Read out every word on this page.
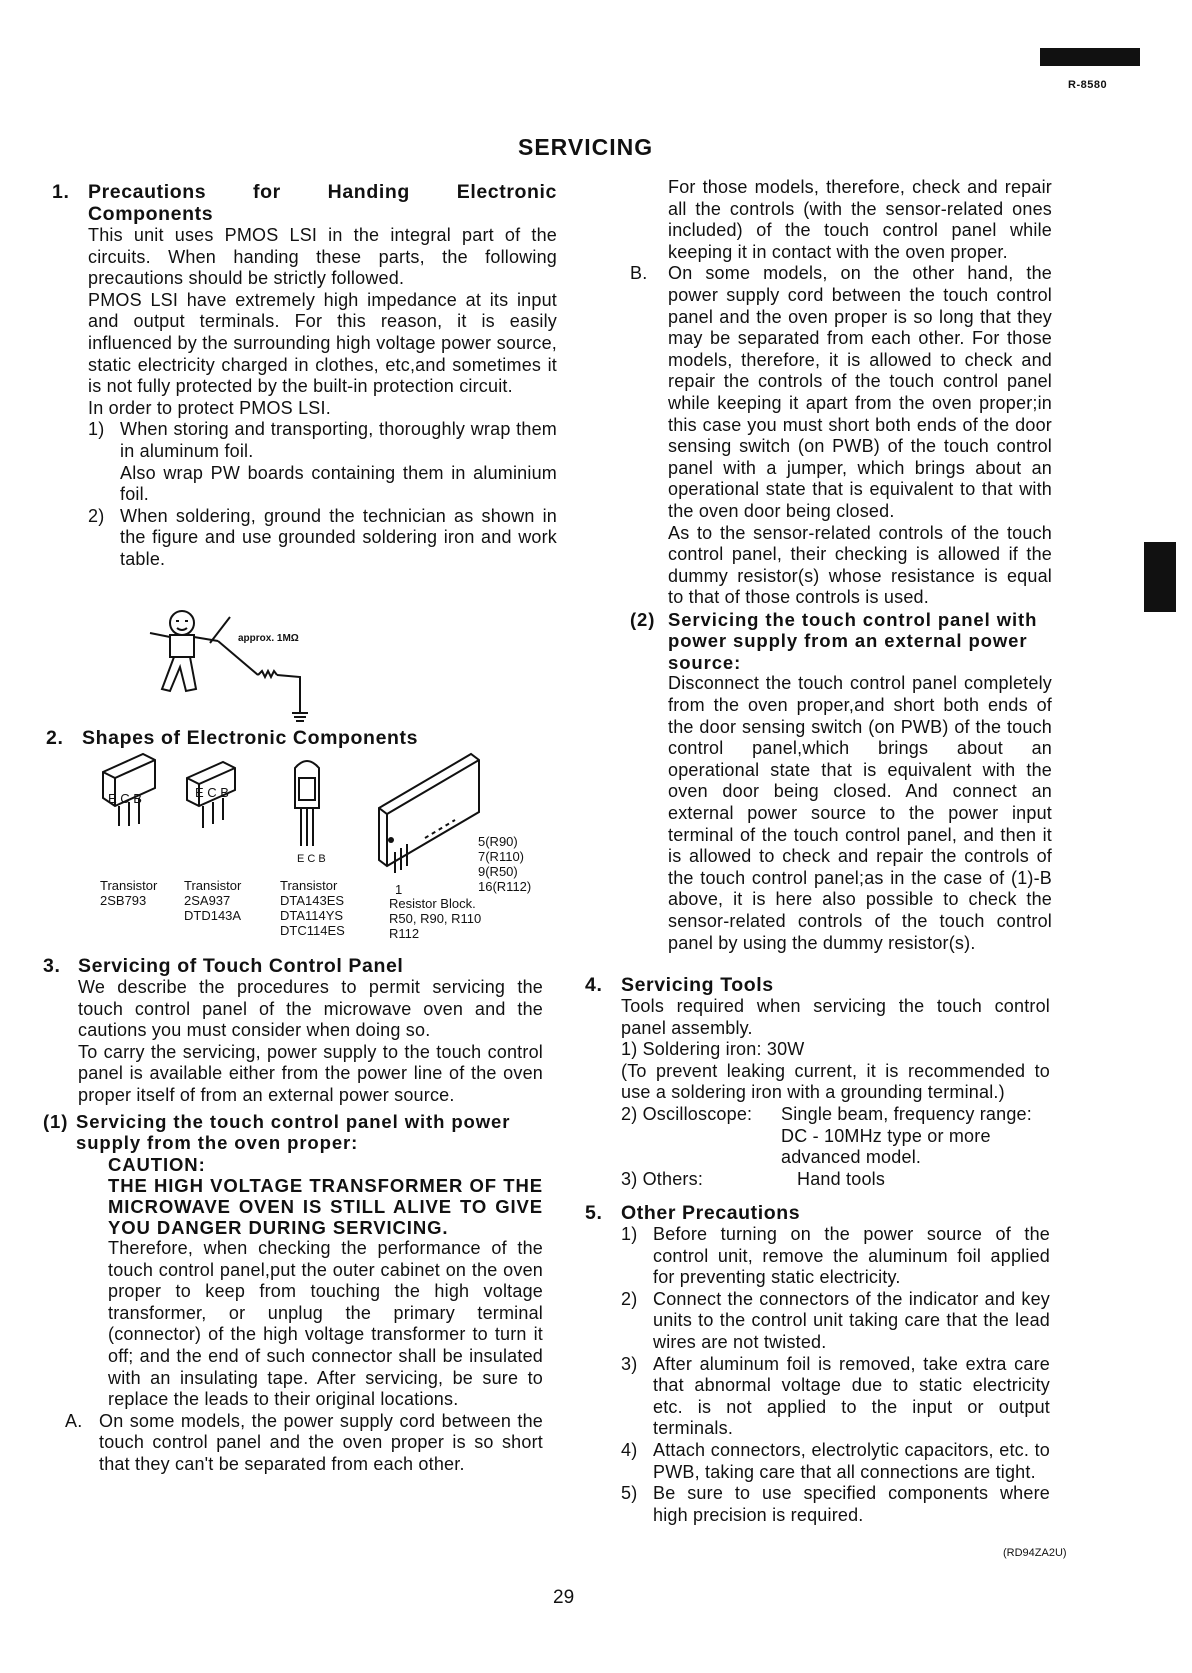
R-8580
SERVICING
1. Precautions for Handing Electronic Components

This unit uses PMOS LSI in the integral part of the circuits. When handing these parts, the following precautions should be strictly followed.

PMOS LSI have extremely high impedance at its input and output terminals. For this reason, it is easily influenced by the surrounding high voltage power source, static electricity charged in clothes, etc,and sometimes it is not fully protected by the built-in protection circuit.

In order to protect PMOS LSI.

1) When storing and transporting, thoroughly wrap them in aluminum foil.

Also wrap PW boards containing them in aluminium foil.

2) When soldering, ground the technician as shown in the figure and use grounded soldering iron and work table.

approx. 1MΩ
2. Shapes of Electronic Components
E C B	E C B
E C B

Transistor

2SB793

Transistor

2SA937
DTD143A

Transistor

DTA143ES
DTA114YS
DTC114ES

5(R90)

7(R110)

9(R50)

16(R112)

1

Resistor Block.

R50, R90, R110
R112

3. Servicing of Touch Control Panel

We describe the procedures to permit servicing the touch control panel of the microwave oven and the cautions you must consider when doing so.

To carry the servicing, power supply to the touch control panel is available either from the power line of the oven proper itself of from an external power source.

(1) Servicing the touch control panel with power supply from the oven proper:
CAUTION:
THE HIGH VOLTAGE TRANSFORMER OF THE MICROWAVE OVEN IS STILL ALIVE TO GIVE YOU DANGER DURING SERVICING.

Therefore, when checking the performance of the touch control panel,put the outer cabinet on the oven proper to keep from touching the high voltage transformer, or unplug the primary terminal (connector) of the high voltage transformer to turn it off; and the end of such connector shall be insulated with an insulating tape. After servicing, be sure to replace the leads to their original locations.

A. On some models, the power supply cord between the touch control panel and the oven proper is so short that they can't be separated from each other.

For those models, therefore, check and repair all the controls (with the sensor-related ones included) of the touch control panel while keeping it in contact with the oven proper.

B.	On some models, on the other hand, the power supply cord between the touch control panel and the oven proper is so long that they may be separated from each other. For those models, therefore, it is allowed to check and repair the controls of the touch control panel while keeping it apart from the oven proper;in this case you must short both ends of the door sensing switch (on PWB) of the touch control panel with a jumper, which brings about an operational state that is equivalent to that with the oven door being closed.

As to the sensor-related controls of the touch control panel, their checking is allowed if the dummy resistor(s) whose resistance is equal to that of those controls is used.

(2) Servicing the touch control panel with power supply from an external power source:

Disconnect the touch control panel completely from the oven proper,and short both ends of the door sensing switch (on PWB) of the touch control panel,which brings about an operational state that is equivalent with the oven door being closed. And connect an external power source to the power input terminal of the touch control panel, and then it is allowed to check and repair the controls of the touch control panel;as in the case of (1)-B above, it is here also possible to check the sensor-related controls of the touch control panel by using the dummy resistor(s).

4. Servicing Tools

Tools required when servicing the touch control panel assembly.

1) Soldering iron: 30W

(To prevent leaking current, it is recommended to use a soldering iron with a grounding terminal.)

2) Oscilloscope:	Single beam, frequency range: DC - 10MHz type or more advanced model.

3) Others:	Hand tools

5. Other Precautions
1) Before turning on the power source of the control unit, remove the aluminum foil applied for preventing static electricity.

2) Connect the connectors of the indicator and key units to the control unit taking care that the lead wires are not twisted.

3) After aluminum foil is removed, take extra care that abnormal voltage due to static electricity etc. is not applied to the input or output terminals.

4) Attach connectors, electrolytic capacitors, etc. to PWB, taking care that all connections are tight.

5) Be sure to use specified components where high precision is required.

(RD94ZA2U)
29
